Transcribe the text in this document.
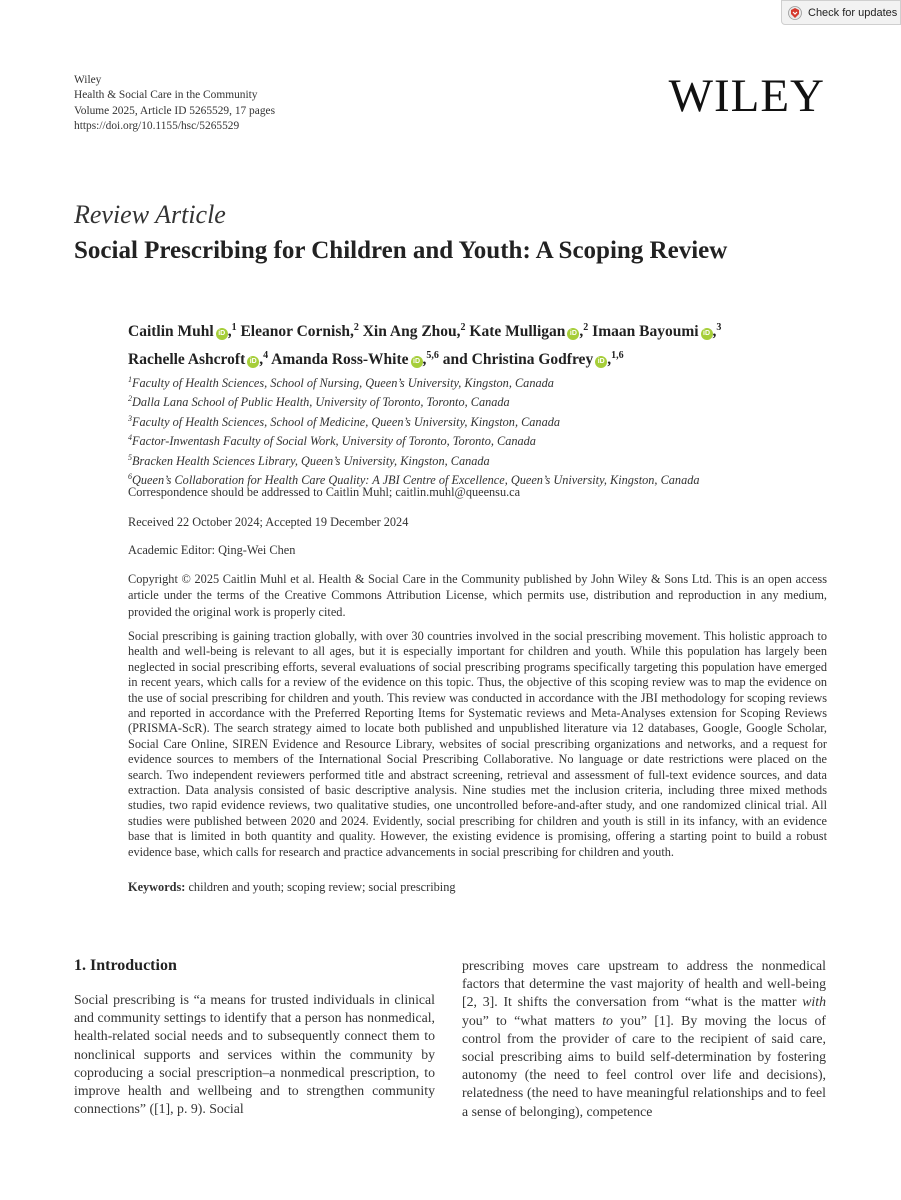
Check for updates
Wiley
Health & Social Care in the Community
Volume 2025, Article ID 5265529, 17 pages
https://doi.org/10.1155/hsc/5265529
WILEY
Review Article
Social Prescribing for Children and Youth: A Scoping Review
Caitlin Muhl iD ,$^1$ Eleanor Cornish,$^2$ Xin Ang Zhou,$^2$ Kate Mulligan iD ,$^2$ Imaan Bayoumi iD ,$^3$
Rachelle Ashcroft iD ,$^4$ Amanda Ross-White iD ,$^{5,6}$ and Christina Godfrey iD ,$^{1,6}$
$^1$Faculty of Health Sciences, School of Nursing, Queen’s University, Kingston, Canada
$^2$Dalla Lana School of Public Health, University of Toronto, Toronto, Canada
$^3$Faculty of Health Sciences, School of Medicine, Queen’s University, Kingston, Canada
$^4$Factor-Inwentash Faculty of Social Work, University of Toronto, Toronto, Canada
$^5$Bracken Health Sciences Library, Queen’s University, Kingston, Canada
$^6$Queen’s Collaboration for Health Care Quality: A JBI Centre of Excellence, Queen’s University, Kingston, Canada
Correspondence should be addressed to Caitlin Muhl; caitlin.muhl@queensu.ca
Received 22 October 2024; Accepted 19 December 2024
Academic Editor: Qing-Wei Chen
Copyright © 2025 Caitlin Muhl et al. Health & Social Care in the Community published by John Wiley & Sons Ltd. This is an open access article under the terms of the Creative Commons Attribution License, which permits use, distribution and reproduction in any medium, provided the original work is properly cited.

Social prescribing is gaining traction globally, with over 30 countries involved in the social prescribing movement. This holistic approach to health and well-being is relevant to all ages, but it is especially important for children and youth. While this population has largely been neglected in social prescribing efforts, several evaluations of social prescribing programs specifically targeting this population have emerged in recent years, which calls for a review of the evidence on this topic. Thus, the objective of this scoping review was to map the evidence on the use of social prescribing for children and youth. This review was conducted in accordance with the JBI methodology for scoping reviews and reported in accordance with the Preferred Reporting Items for Systematic reviews and Meta-Analyses extension for Scoping Reviews (PRISMA-ScR). The search strategy aimed to locate both published and unpublished literature via 12 databases, Google, Google Scholar, Social Care Online, SIREN Evidence and Resource Library, websites of social prescribing organizations and networks, and a request for evidence sources to members of the International Social Prescribing Collaborative. No language or date restrictions were placed on the search. Two independent reviewers performed title and abstract screening, retrieval and assessment of full-text evidence sources, and data extraction. Data analysis consisted of basic descriptive analysis. Nine studies met the inclusion criteria, including three mixed methods studies, two rapid evidence reviews, two qualitative studies, one uncontrolled before-and-after study, and one randomized clinical trial. All studies were published between 2020 and 2024. Evidently, social prescribing for children and youth is still in its infancy, with an evidence base that is limited in both quantity and quality. However, the existing evidence is promising, offering a starting point to build a robust evidence base, which calls for research and practice advancements in social prescribing for children and youth.

Keywords: children and youth; scoping review; social prescribing
1. Introduction

Social prescribing is “a means for trusted individuals in clinical and community settings to identify that a person has nonmedical, health-related social needs and to subsequently connect them to nonclinical supports and services within the community by coproducing a social prescription–a nonmedical prescription, to improve health and wellbeing and to strengthen community connections” ([1], p. 9). Social

prescribing moves care upstream to address the nonmedical factors that determine the vast majority of health and well-being [2, 3]. It shifts the conversation from “what is the matter with you” to “what matters to you” [1]. By moving the locus of control from the provider of care to the recipient of said care, social prescribing aims to build self-determination by fostering autonomy (the need to feel control over life and decisions), relatedness (the need to have meaningful relationships and to feel a sense of belonging), competence
